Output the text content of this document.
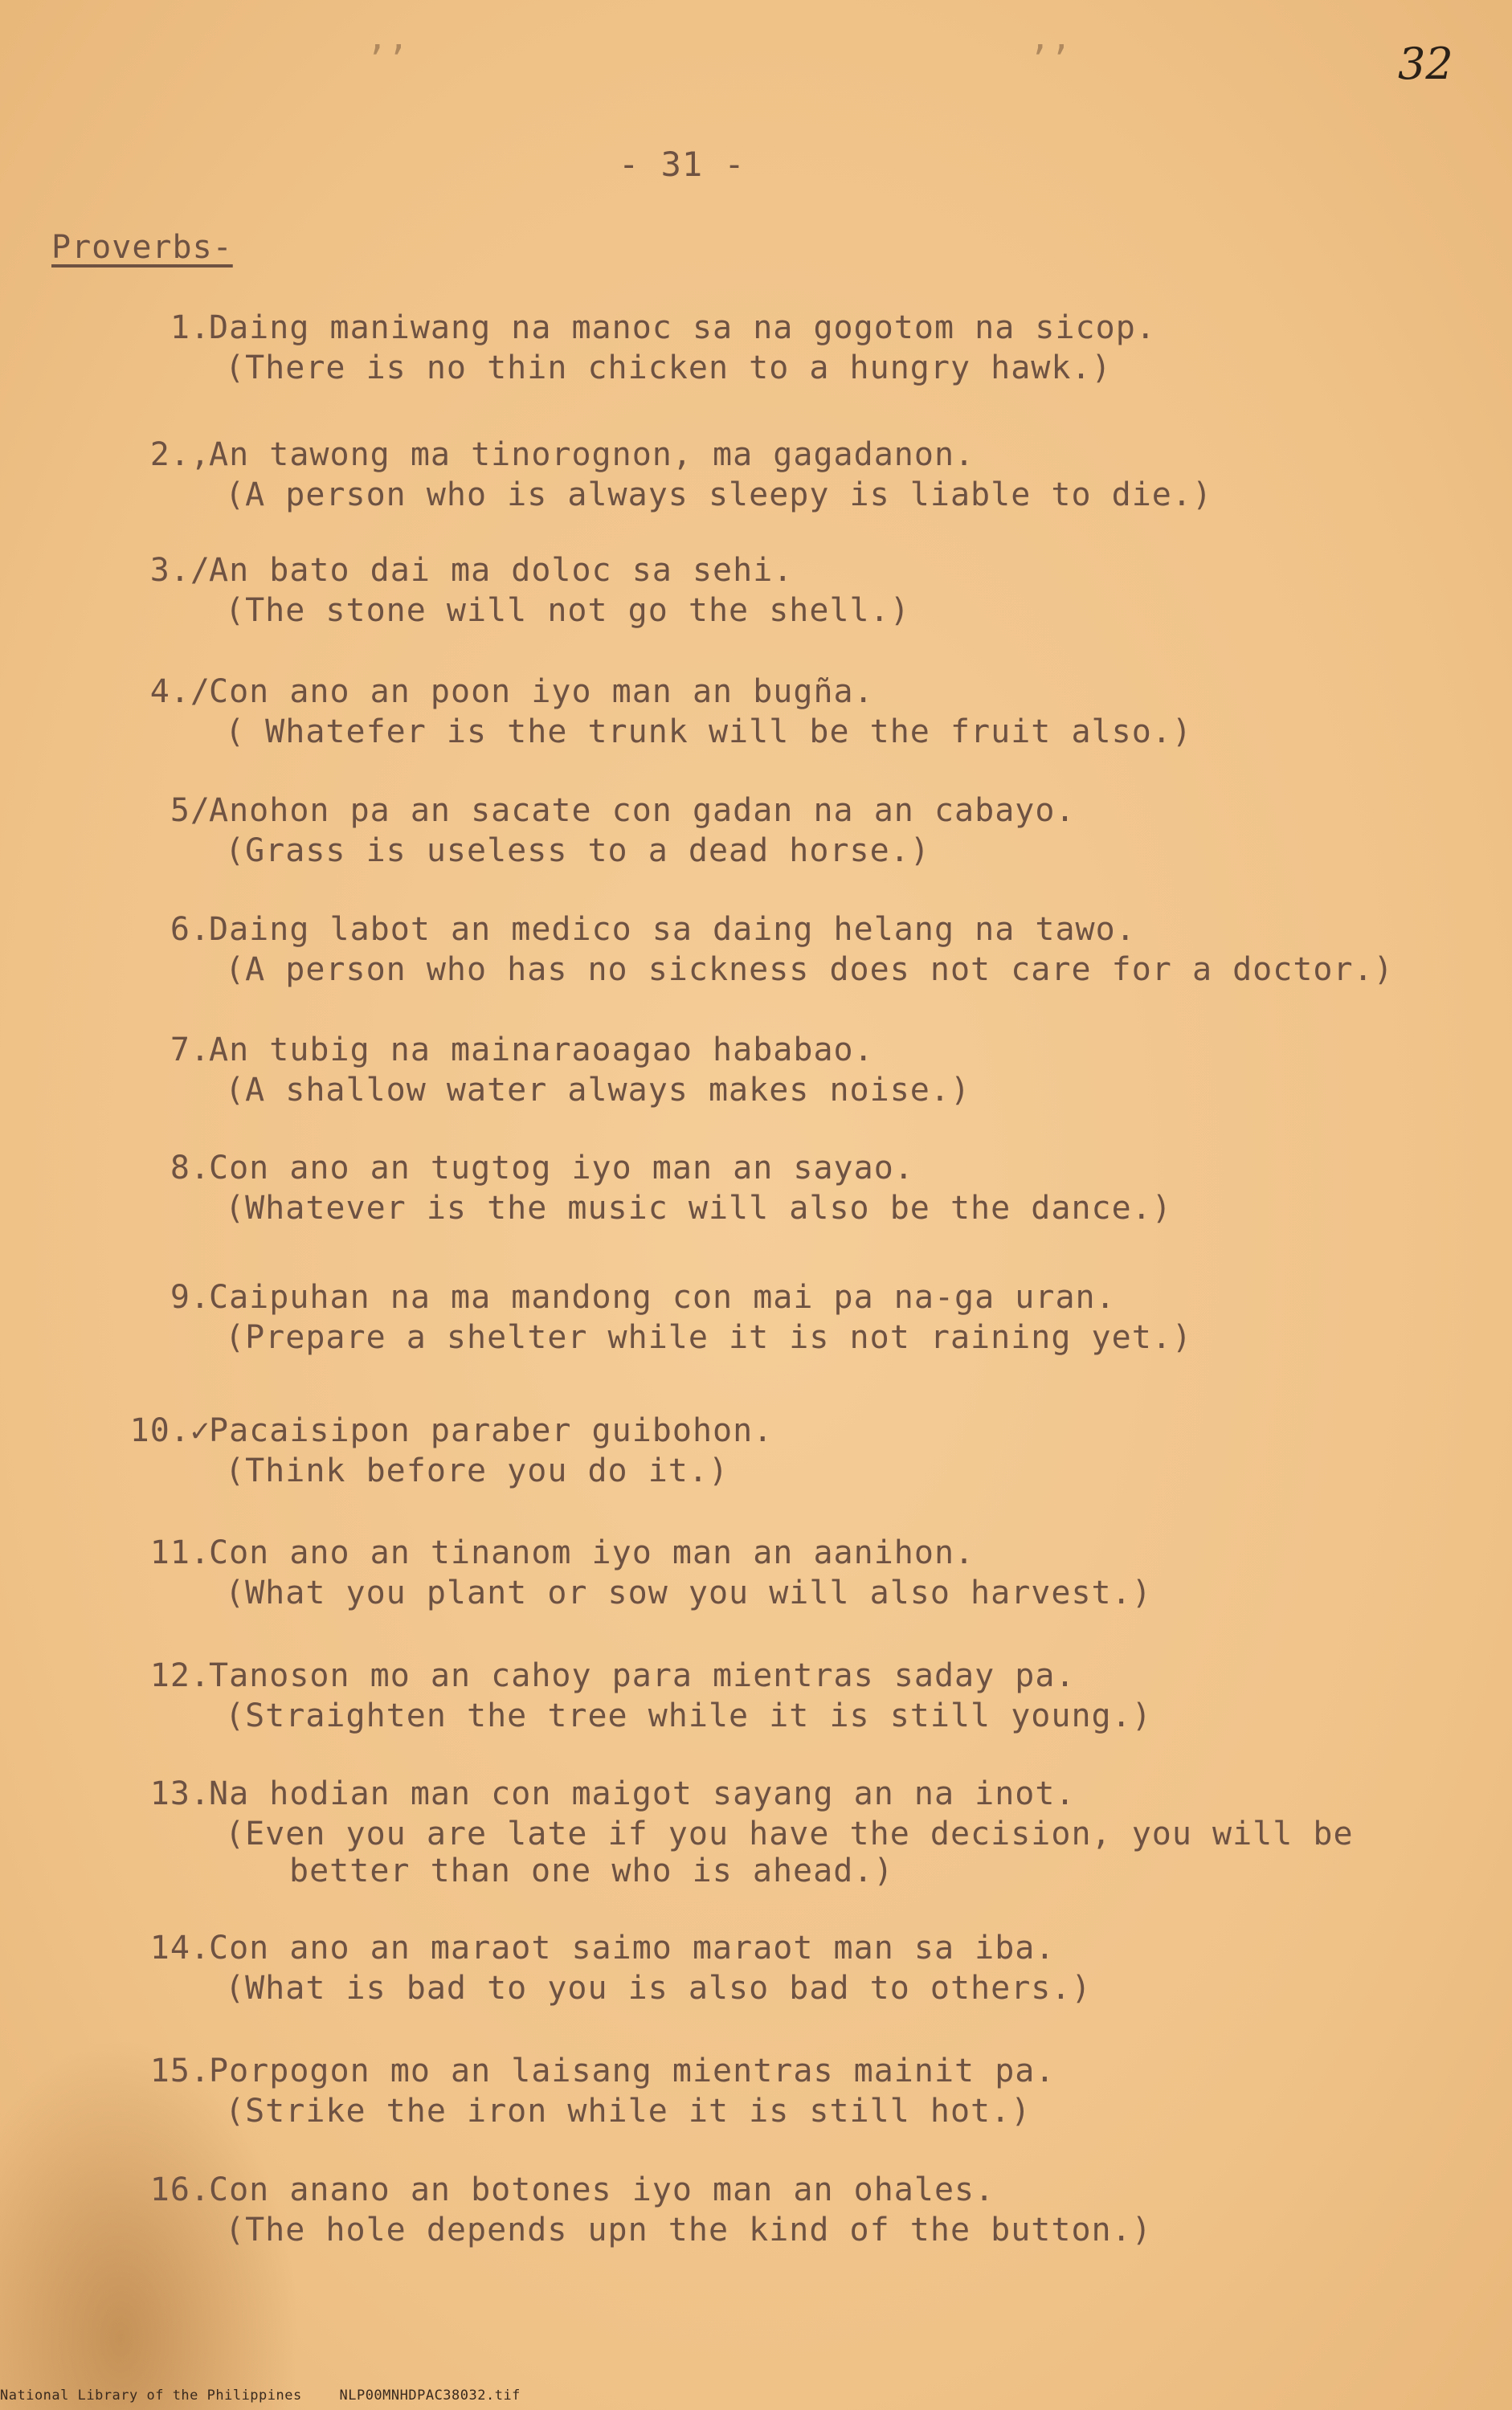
’’	’’	32
- 31 -
Proverbs-
1.
Daing maniwang na manoc sa na gogotom na sicop.
(There is no thin chicken to a hungry hawk.)
2.,
An tawong ma tinorognon, ma gagadanon.
(A person who is always sleepy is liable to die.)
3./
An bato dai ma doloc sa sehi.
(The stone will not go the shell.)
4./
Con ano an poon iyo man an bugña.
( Whatefer is the trunk will be the fruit also.)
5/
Anohon pa an sacate con gadan na an cabayo.
(Grass is useless to a dead horse.)
6.
Daing labot an medico sa daing helang na tawo.
(A person who has no sickness does not care for a doctor.)
7.
An tubig na mainaraoagao hababao.
(A shallow water always makes noise.)
8.
Con ano an tugtog iyo man an sayao.
(Whatever is the music will also be the dance.)
9.
Caipuhan na ma mandong con mai pa na-ga uran.
(Prepare a shelter while it is not raining yet.)
10.✓
Pacaisipon paraber guibohon.
(Think before you do it.)
11.
Con ano an tinanom iyo man an aanihon.
(What you plant or sow you will also harvest.)
12.
Tanoson mo an cahoy para mientras saday pa.
(Straighten the tree while it is still young.)
13.
Na hodian man con maigot sayang an na inot.
(Even you are late if you have the decision, you will be
better than one who is ahead.)
14.
Con ano an maraot saimo maraot man sa iba.
(What is bad to you is also bad to others.)
15.
Porpogon mo an laisang mientras mainit pa.
(Strike the iron while it is still hot.)
16.
Con anano an botones iyo man an ohales.
(The hole depends upn the kind of the button.)
National Library of the Philippines	NLP00MNHDPAC38032.tif
